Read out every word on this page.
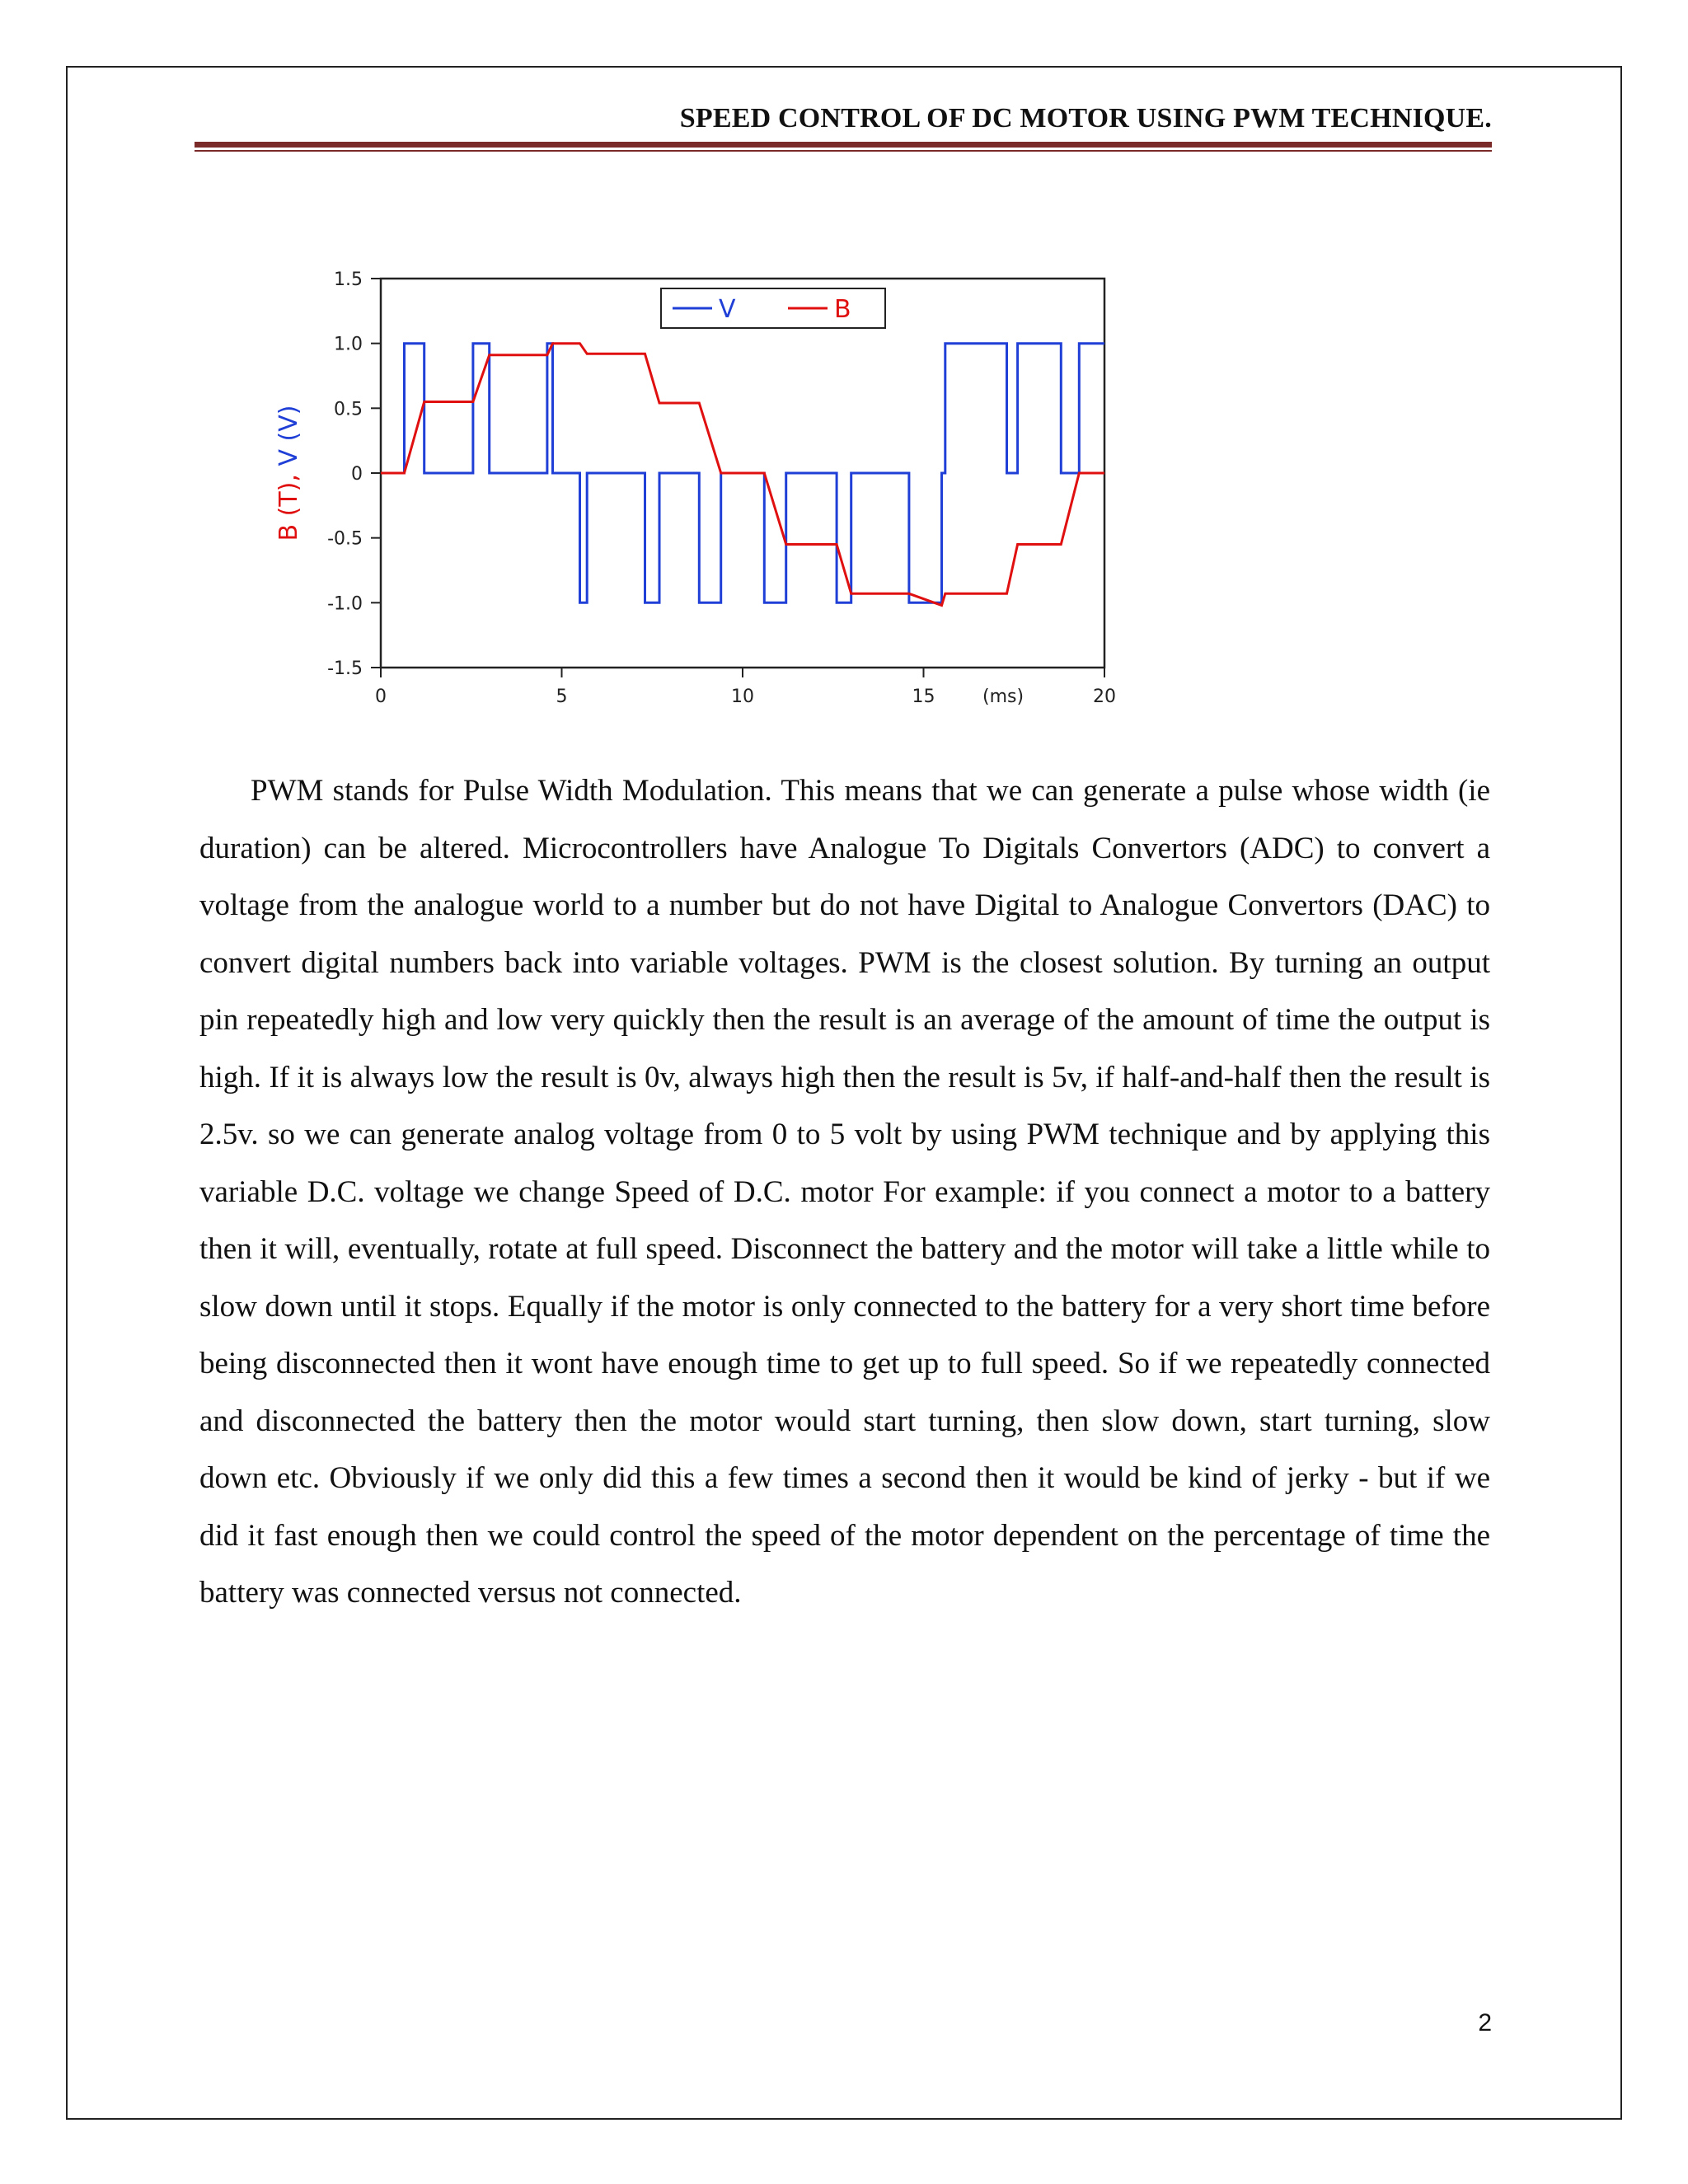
SPEED CONTROL OF DC MOTOR USING PWM TECHNIQUE.
1.5
1.0
0.5
0
-0.5
-1.0
-1.5
0	5	10	15	20
(ms)
B (T), V (V)
V	B
PWM stands for Pulse Width Modulation. This means that we can generate a pulse whose width (ie duration) can be altered. Microcontrollers have Analogue To Digitals Convertors (ADC) to convert a voltage from the analogue world to a number but do not have Digital to Analogue Convertors (DAC) to convert digital numbers back into variable voltages. PWM is the closest solution. By turning an output pin repeatedly high and low very quickly then the result is an average of the amount of time the output is high. If it is always low the result is 0v, always high then the result is 5v, if half-and-half then the result is 2.5v. so we can generate analog voltage from 0 to 5 volt by using PWM technique and by applying this variable D.C. voltage we change Speed of D.C. motor For example: if you connect a motor to a battery then it will, eventually, rotate at full speed. Disconnect the battery and the motor will take a little while to slow down until it stops. Equally if the motor is only connected to the battery for a very short time before being disconnected then it wont have enough time to get up to full speed. So if we repeatedly connected and disconnected the battery then the motor would start turning, then slow down, start turning, slow down etc. Obviously if we only did this a few times a second then it would be kind of jerky - but if we did it fast enough then we could control the speed of the motor dependent on the percentage of time the battery was connected versus not connected.
2
